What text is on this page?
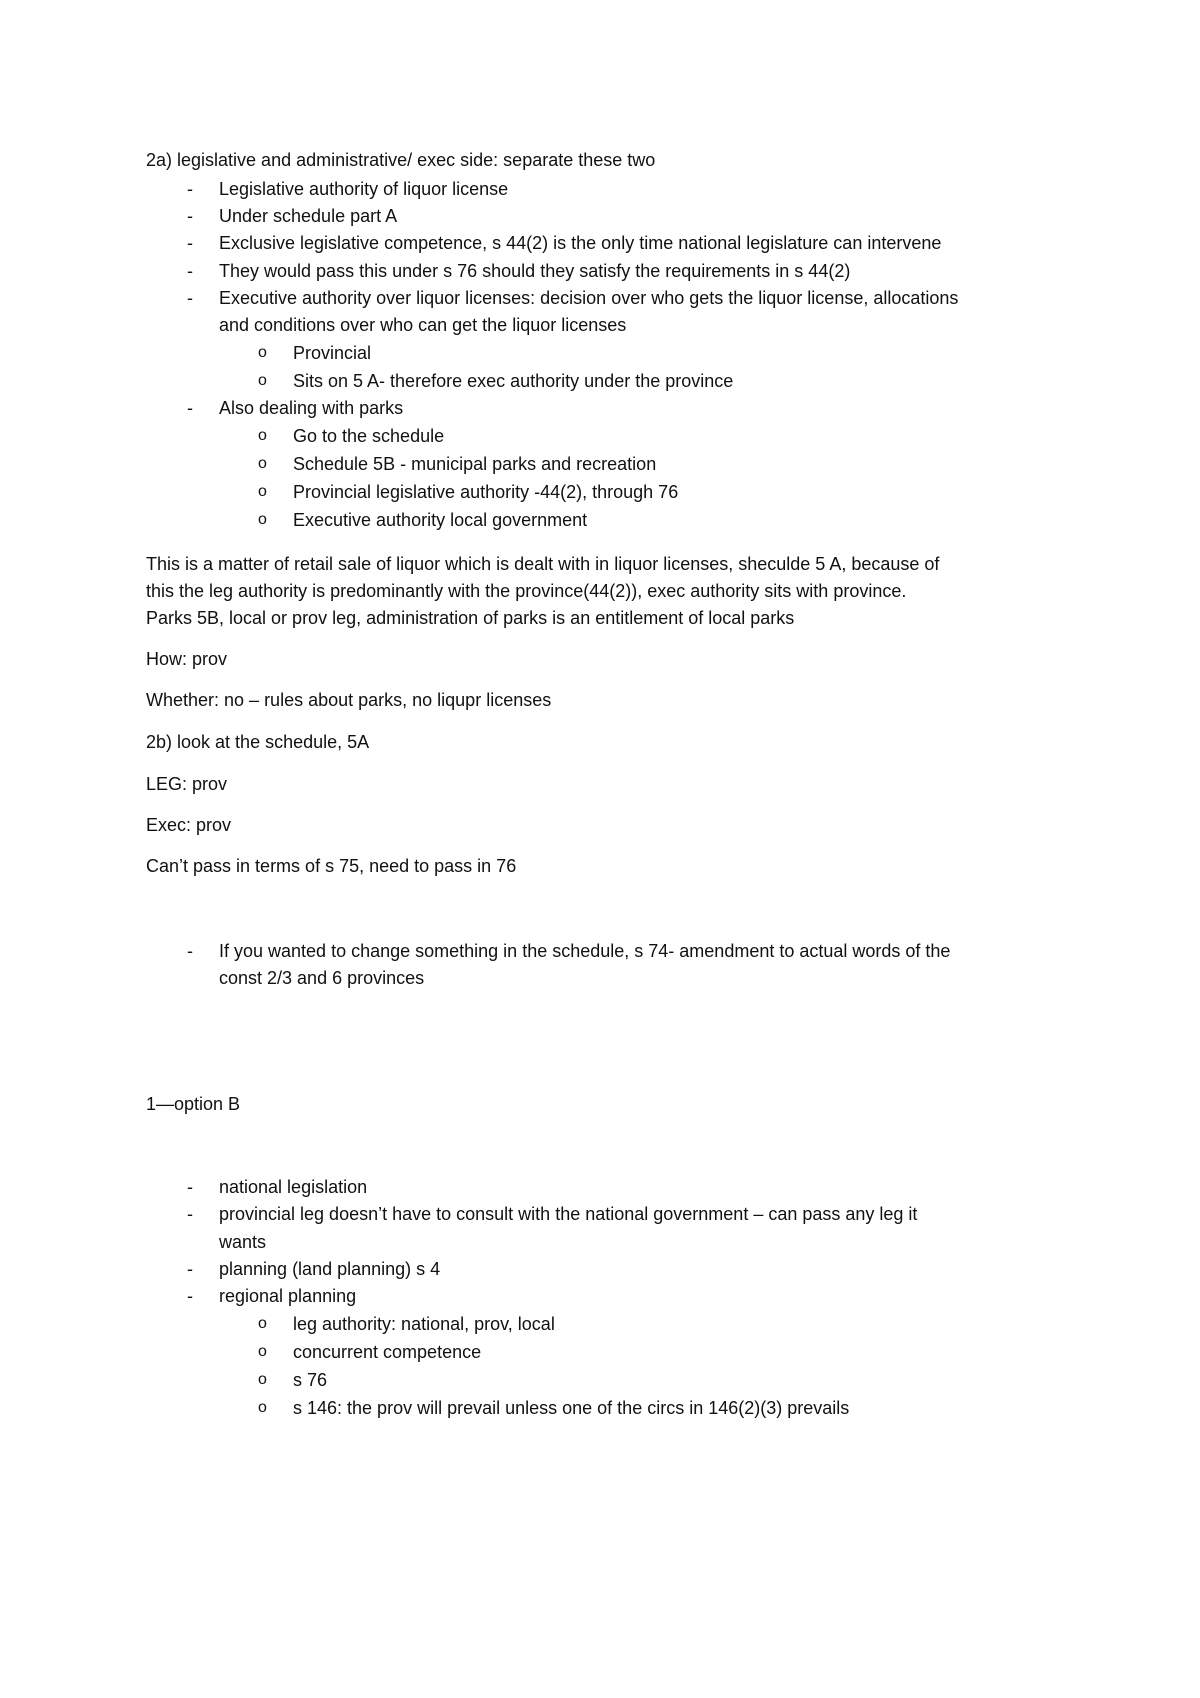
2a) legislative and administrative/ exec side: separate these two
- Legislative authority of liquor license
- Under schedule part A
- Exclusive legislative competence, s 44(2) is the only time national legislature can intervene
- They would pass this under s 76 should they satisfy the requirements in s 44(2)
- Executive authority over liquor licenses: decision over who gets the liquor license, allocations
and conditions over who can get the liquor licenses
o Provincial
o Sits on 5 A- therefore exec authority under the province
- Also dealing with parks
o Go to the schedule
o Schedule 5B - municipal parks and recreation
o Provincial legislative authority -44(2), through 76
o Executive authority local government
This is a matter of retail sale of liquor which is dealt with in liquor licenses, sheculde 5 A, because of
this the leg authority is predominantly with the province(44(2)), exec authority sits with province.
Parks 5B, local or prov leg, administration of parks is an entitlement of local parks
How: prov
Whether: no – rules about parks, no liqupr licenses
2b) look at the schedule, 5A
LEG: prov
Exec: prov
Can’t pass in terms of s 75, need to pass in 76
- If you wanted to change something in the schedule, s 74- amendment to actual words of the
const 2/3 and 6 provinces
1—option B
- national legislation
- provincial leg doesn’t have to consult with the national government – can pass any leg it
wants
- planning (land planning) s 4
- regional planning
o leg authority: national, prov, local
o concurrent competence
o s 76
o s 146: the prov will prevail unless one of the circs in 146(2)(3) prevails
